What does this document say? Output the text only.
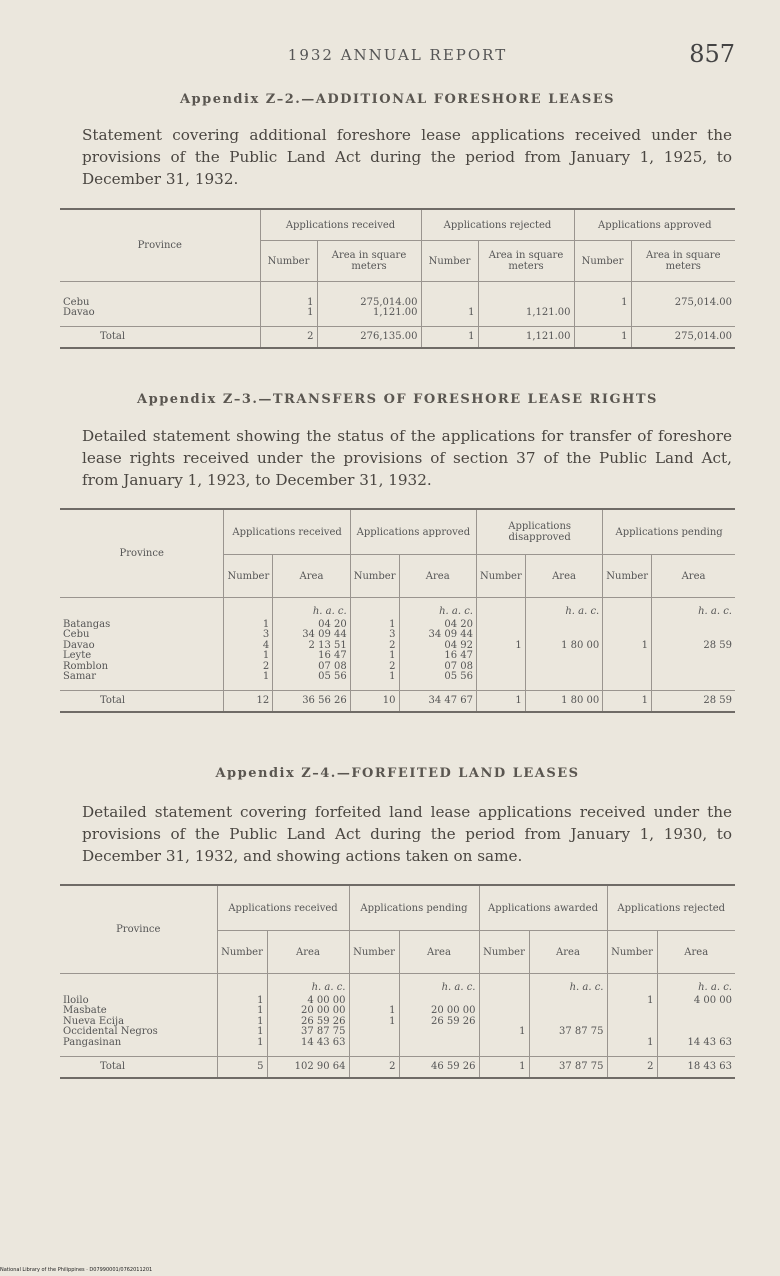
1932 ANNUAL REPORT	857
Appendix Z–2.—ADDITIONAL FORESHORE LEASES
Statement covering additional foreshore lease applications received under the provisions of the Public Land Act during the period from January 1, 1925, to December 31, 1932.
Province	Applications received		Applications rejected		Applications approved	
	Number	Area in square meters	Number	Area in square meters	Number	Area in square meters

Cebu	1	275,014.00			1	275,014.00
Davao	1	1,121.00	1	1,121.00		

Total	2	276,135.00	1	1,121.00	1	275,014.00
Appendix Z–3.—TRANSFERS OF FORESHORE LEASE RIGHTS
Detailed statement showing the status of the applications for transfer of foreshore lease rights received under the provisions of section 37 of the Public Land Act, from January 1, 1923, to December 31, 1932.
Province	Applications received		Applications approved		Applications disapproved		Applications pending	
	Number	Area	Number	Area	Number	Area	Number	Area
		h. a. c.		h. a. c.		h. a. c.		h. a. c.
Batangas	1	04 20	1	04 20				
Cebu	3	34 09 44	3	34 09 44				
Davao	4	2 13 51	2	04 92	1	1 80 00	1	28 59
Leyte	1	16 47	1	16 47				
Romblon	2	07 08	2	07 08				
Samar	1	05 56	1	05 56				

Total	12	36 56 26	10	34 47 67	1	1 80 00	1	28 59
Appendix Z–4.—FORFEITED LAND LEASES
Detailed statement covering forfeited land lease applications received under the provisions of the Public Land Act during the period from January 1, 1930, to December 31, 1932, and showing actions taken on same.
Province	Applications received		Applications pending		Applications awarded		Applications rejected	
	Number	Area	Number	Area	Number	Area	Number	Area
		h. a. c.		h. a. c.		h. a. c.		h. a. c.
Iloilo	1	4 00 00					1	4 00 00
Masbate	1	20 00 00	1	20 00 00				
Nueva Ecija	1	26 59 26	1	26 59 26				
Occidental Negros	1	37 87 75			1	37 87 75		
Pangasinan	1	14 43 63					1	14 43 63

Total	5	102 90 64	2	46 59 26	1	37 87 75	2	18 43 63
National Library of the Philippines · D07990001/0762011201
